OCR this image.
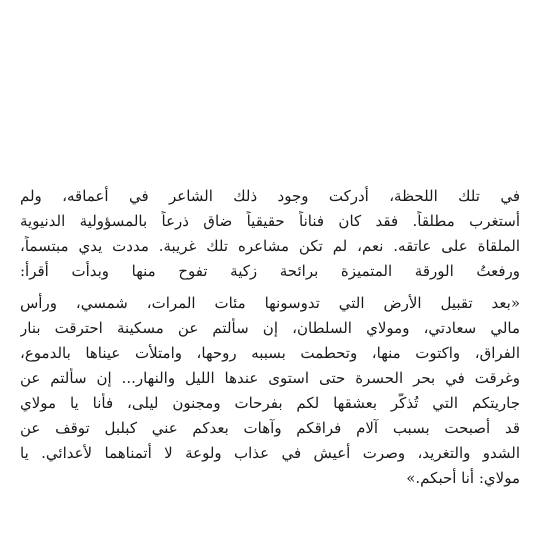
في تلك اللحظة، أدركت وجود ذلك الشاعر في أعماقه، ولم
أستغرب مطلقاً. فقد كان فناناً حقيقياً ضاق ذرعاً بالمسؤولية الدنيوية
الملقاة على عاتقه. نعم، لم تكن مشاعره تلك غريبة. مددت يدي مبتسماً،
ورفعتُ الورقة المتميزة برائحة زكية تفوح منها وبدأت أقرأ:
«بعد تقبيل الأرض التي تدوسونها مئات المرات، شمسي، ورأس
مالي سعادتي، ومولاي السلطان، إن سألتم عن مسكينة احترقت بنار
الفراق، واكتوت منها، وتحطمت بسببه روحها، وامتلأت عيناها بالدموع،
وغرقت في بحر الحسرة حتى استوى عندها الليل والنهار... إن سألتم عن
جاريتكم التي تُذكّر بعشقها لكم بفرحات ومجنون ليلى، فأنا يا مولاي
قد أصبحت بسبب آلام فراقكم وآهات بعدكم عني كبلبل توقف عن
الشدو والتغريد، وصرت أعيش في عذاب ولوعة لا أتمناهما لأعدائي. يا
مولاي: أنا أحبكم.»
